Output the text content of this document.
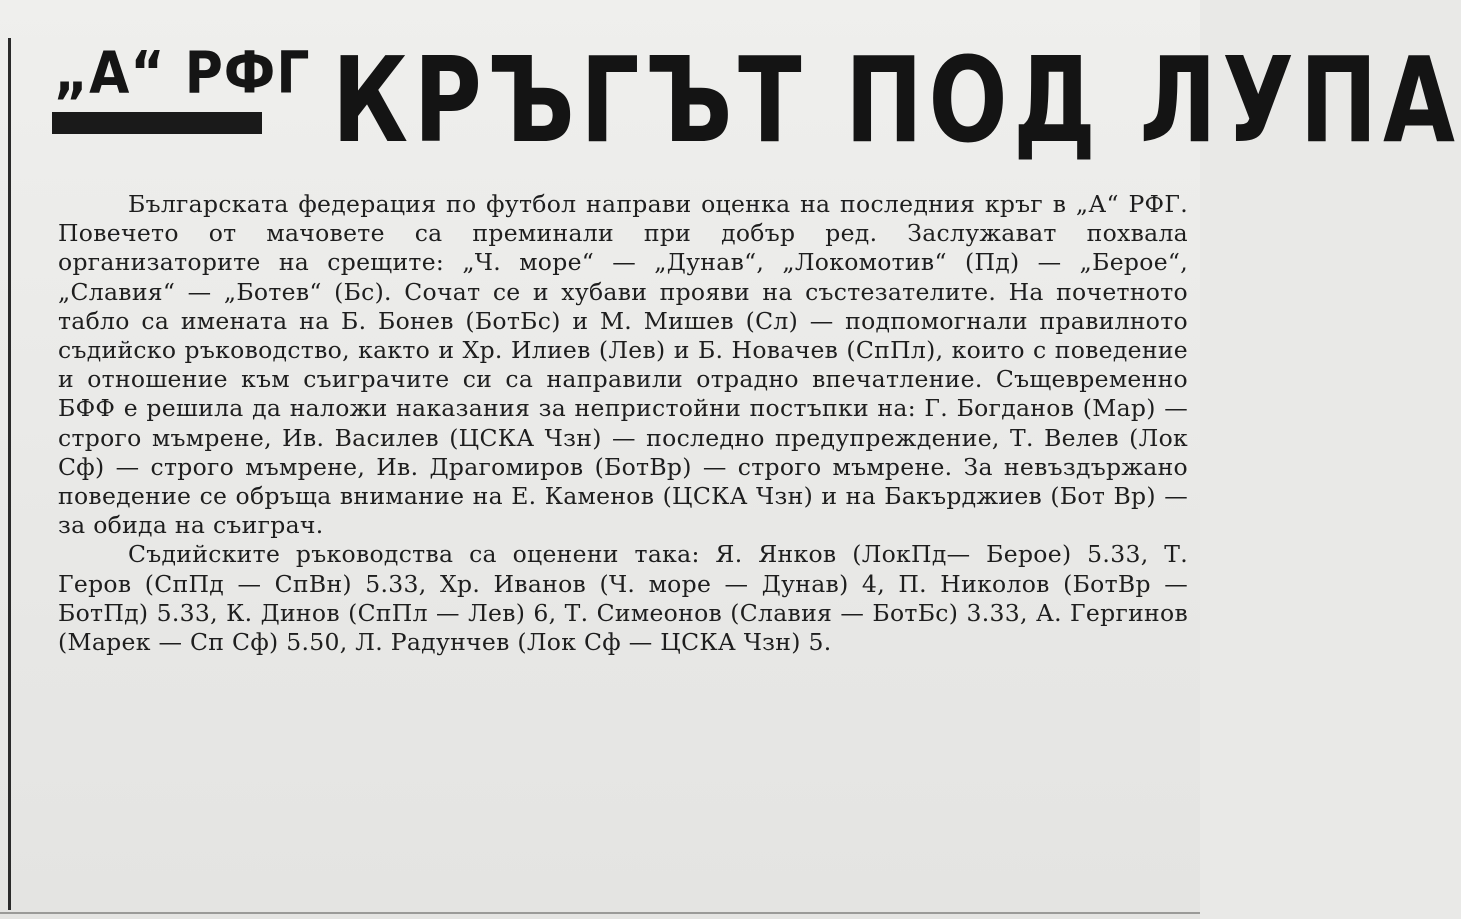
„А“ РФГ КРЪГЪТ ПОД ЛУПА

Българската федерация по футбол направи оценка на последния кръг в „А“ РФГ. Повечето от мачовете са преминали при добър ред. Заслужават похвала организаторите на срещите: „Ч. море“ — „Дунав“, „Локомотив“ (Пд) — „Берое“, „Славия“ — „Ботев“ (Бс). Сочат се и хубави прояви на състезателите. На почетното табло са имената на Б. Бонев (БотБс) и М. Мишев (Сл) — подпомогнали правилното съдийско ръководство, както и Хр. Илиев (Лев) и Б. Новачев (СпПл), които с поведение и отношение към съиграчите си са направили отрадно впечатление. Същевременно БФФ е решила да наложи наказания за непристойни постъпки на: Г. Богданов (Мар) — строго мъмрене, Ив. Василев (ЦСКА Чзн) — последно предупреждение, Т. Велев (Лок Сф) — строго мъмрене, Ив. Драгомиров (БотВр) — строго мъмрене. За невъздържано поведение се обръща внимание на Е. Каменов (ЦСКА Чзн) и на Бакърджиев (Бот Вр) — за обида на съиграч.

Съдийските ръководства са оценени така: Я. Янков (ЛокПд— Берое) 5.33, Т. Геров (СпПд — СпВн) 5.33, Хр. Иванов (Ч. море — Дунав) 4, П. Николов (БотВр — БотПд) 5.33, К. Динов (СпПл — Лев) 6, Т. Симеонов (Славия — БотБс) 3.33, А. Гергинов (Марек — Сп Сф) 5.50, Л. Радунчев (Лок Сф — ЦСКА Чзн) 5.
